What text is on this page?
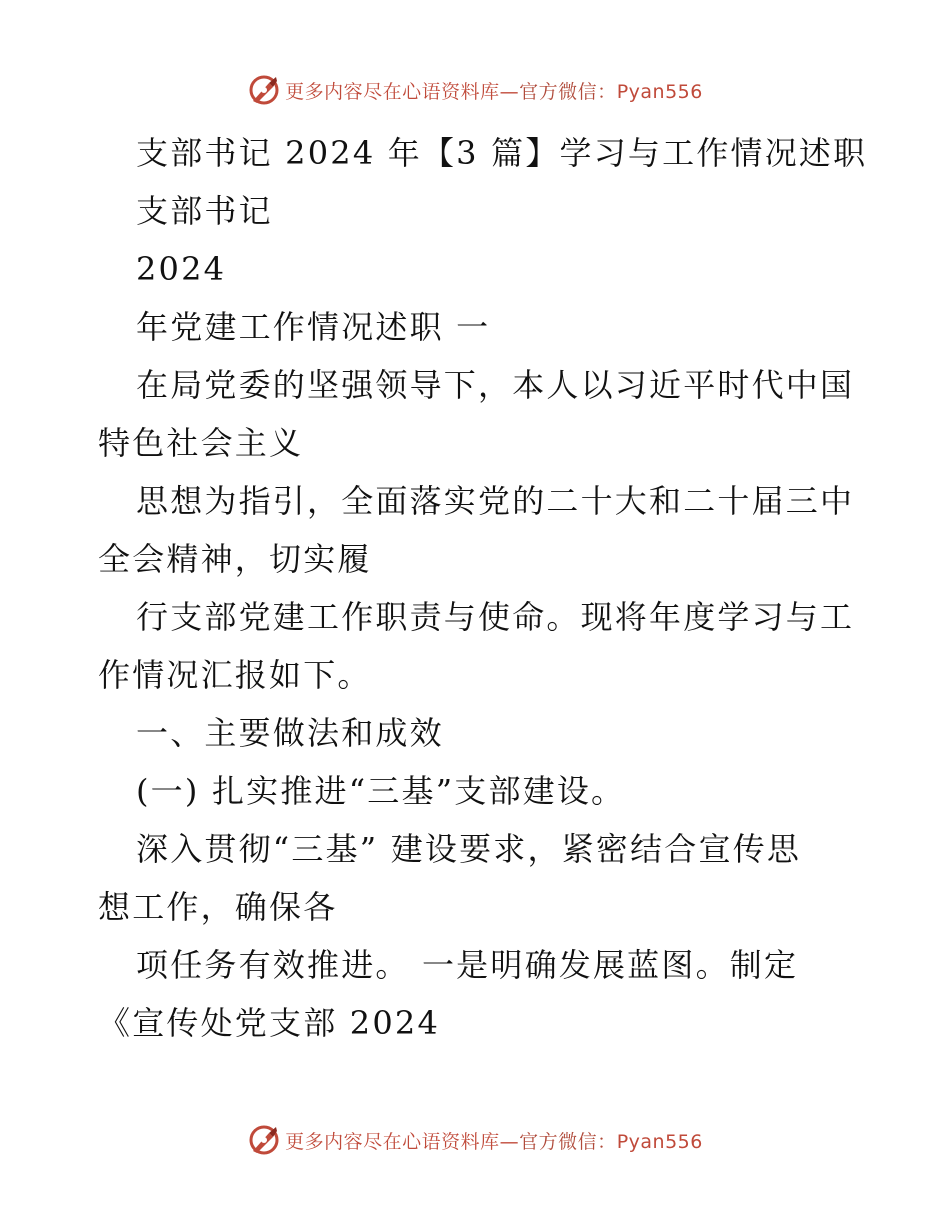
更多内容尽在心语资料库—官方微信：Pyan556
支部书记 2024 年【3 篇】学习与工作情况述职
支部书记
2024
年党建工作情况述职 一
在局党委的坚强领导下，本人以习近平时代中国
特色社会主义
思想为指引，全面落实党的二十大和二十届三中
全会精神，切实履
行支部党建工作职责与使命。现将年度学习与工
作情况汇报如下。
一、主要做法和成效
(一) 扎实推进“三基”支部建设。
深入贯彻“三基” 建设要求，紧密结合宣传思
想工作，确保各
项任务有效推进。 一是明确发展蓝图。制定
《宣传处党支部 2024
更多内容尽在心语资料库—官方微信：Pyan556
